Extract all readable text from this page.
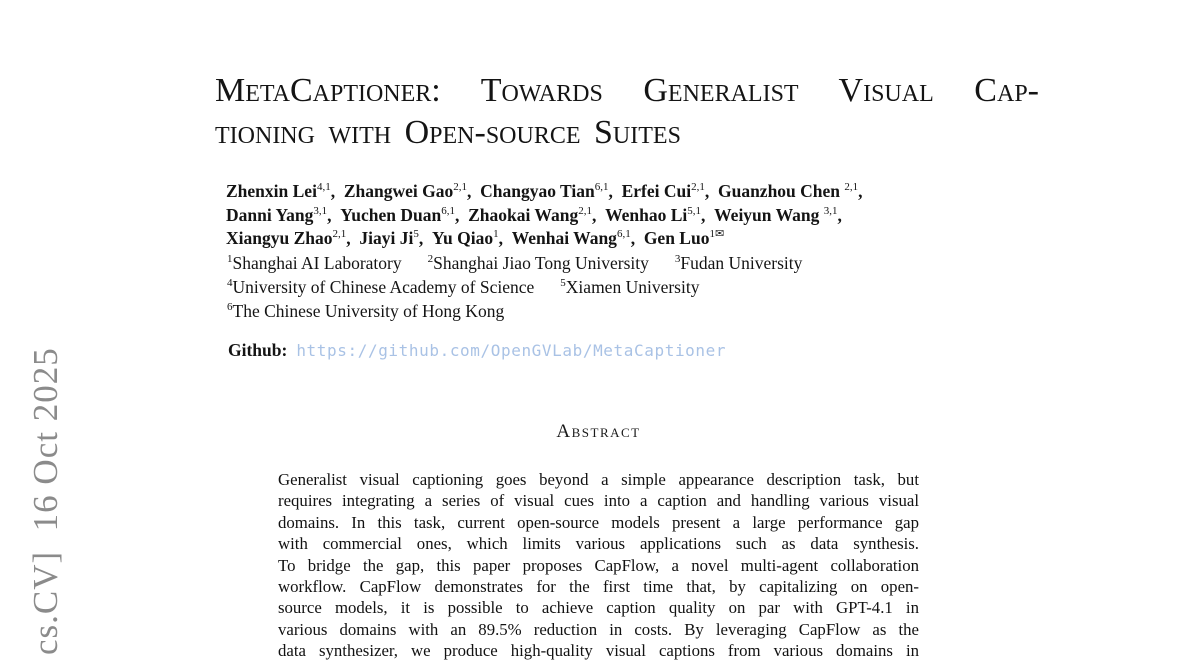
cs.CV]  16 Oct 2025
MetaCaptioner: Towards Generalist Visual Cap-
tioning with Open-source Suites
Zhenxin Lei$^{4,1}$, Zhangwei Gao$^{2,1}$, Changyao Tian$^{6,1}$, Erfei Cui$^{2,1}$, Guanzhou Chen $^{2,1}$,
Danni Yang$^{3,1}$, Yuchen Duan$^{6,1}$, Zhaokai Wang$^{2,1}$, Wenhao Li$^{5,1}$, Weiyun Wang $^{3,1}$,
Xiangyu Zhao$^{2,1}$, Jiayi Ji$^5$, Yu Qiao$^1$, Wenhai Wang$^{6,1}$, Gen Luo$^{1✉}$
$^1$Shanghai AI Laboratory $^2$Shanghai Jiao Tong University $^3$Fudan University
$^4$University of Chinese Academy of Science $^5$Xiamen University
$^6$The Chinese University of Hong Kong
Github: https://github.com/OpenGVLab/MetaCaptioner
Abstract
Generalist visual captioning goes beyond a simple appearance description task, but
requires integrating a series of visual cues into a caption and handling various visual
domains. In this task, current open-source models present a large performance gap
with commercial ones, which limits various applications such as data synthesis.
To bridge the gap, this paper proposes CapFlow, a novel multi-agent collaboration
workflow. CapFlow demonstrates for the first time that, by capitalizing on open-
source models, it is possible to achieve caption quality on par with GPT-4.1 in
various domains with an 89.5% reduction in costs. By leveraging CapFlow as the
data synthesizer, we produce high-quality visual captions from various domains in
